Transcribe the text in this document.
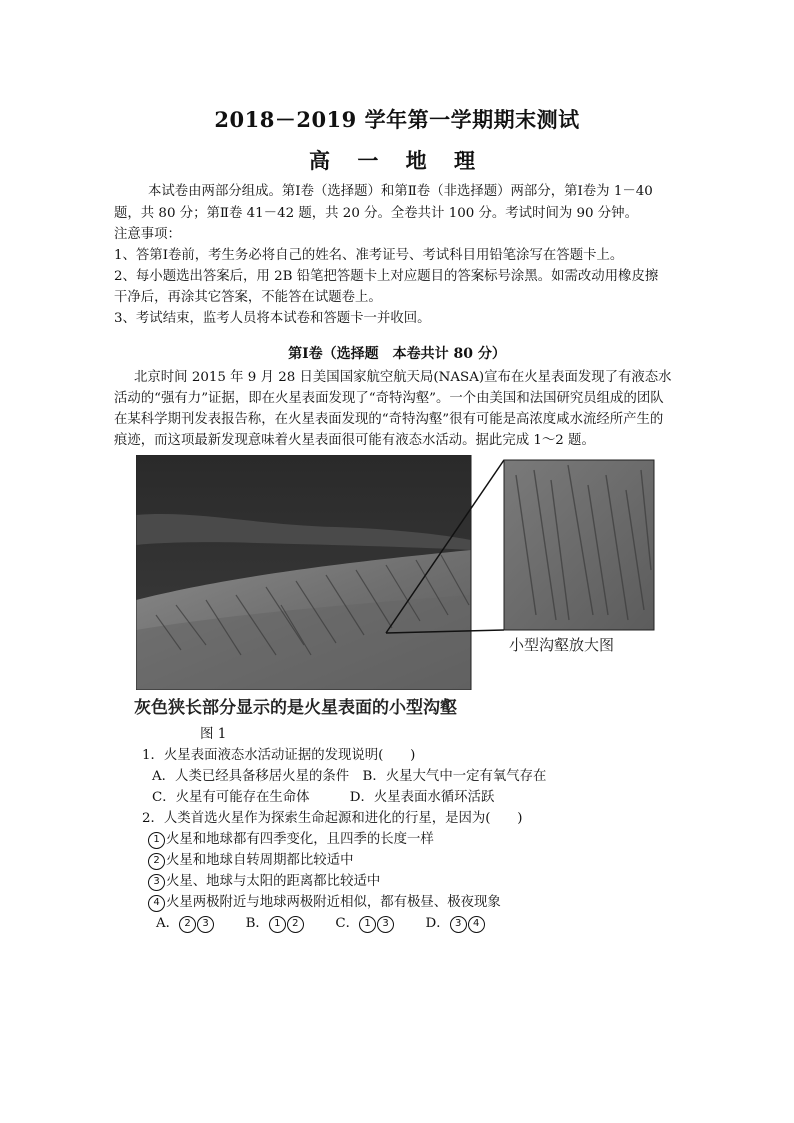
2018－2019 学年第一学期期末测试
高 一 地 理
本试卷由两部分组成。第Ⅰ卷（选择题）和第Ⅱ卷（非选择题）两部分，第Ⅰ卷为 1－40
题，共 80 分；第Ⅱ卷 41－42 题，共 20 分。全卷共计 100 分。考试时间为 90 分钟。
注意事项：
1、答第Ⅰ卷前，考生务必将自己的姓名、准考证号、考试科目用铅笔涂写在答题卡上。
2、每小题选出答案后，用 2B 铅笔把答题卡上对应题目的答案标号涂黑。如需改动用橡皮擦
干净后，再涂其它答案，不能答在试题卷上。
3、考试结束，监考人员将本试卷和答题卡一并收回。
第Ⅰ卷（选择题　本卷共计 80 分）
北京时间 2015 年 9 月 28 日美国国家航空航天局(NASA)宣布在火星表面发现了有液态水
活动的“强有力”证据，即在火星表面发现了“奇特沟壑”。一个由美国和法国研究员组成的团队
在某科学期刊发表报告称，在火星表面发现的“奇特沟壑”很有可能是高浓度咸水流经所产生的
痕迹，而这项最新发现意味着火星表面很可能有液态水活动。据此完成 1～2 题。
小型沟壑放大图
灰色狭长部分显示的是火星表面的小型沟壑
图 1
1．火星表面液态水活动证据的发现说明(　　)
A．人类已经具备移居火星的条件　B．火星大气中一定有氧气存在
C．火星有可能存在生命体　　　D．火星表面水循环活跃
2．人类首选火星作为探索生命起源和进化的行星，是因为(　　)
1 火星和地球都有四季变化，且四季的长度一样
2 火星和地球自转周期都比较适中
3 火星、地球与太阳的距离都比较适中
4 火星两极附近与地球两极附近相似，都有极昼、极夜现象
A． 2 3	B． 1 2	C． 1 3	D． 3 4
